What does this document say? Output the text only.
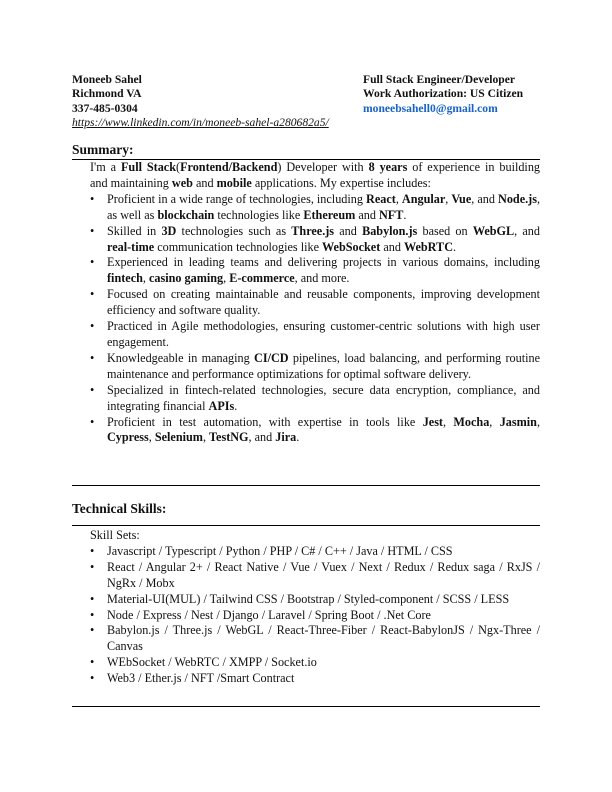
Moneeb Sahel
Richmond VA
337-485-0304
https://www.linkedin.com/in/moneeb-sahel-a280682a5/
Full Stack Engineer/Developer
Work Authorization: US Citizen
moneebsahell0@gmail.com
Summary:
I'm a Full Stack(Frontend/Backend) Developer with 8 years of experience in building and maintaining web and mobile applications. My expertise includes:
• Proficient in a wide range of technologies, including React, Angular, Vue, and Node.js, as well as blockchain technologies like Ethereum and NFT.
• Skilled in 3D technologies such as Three.js and Babylon.js based on WebGL, and real-time communication technologies like WebSocket and WebRTC.
• Experienced in leading teams and delivering projects in various domains, including fintech, casino gaming, E-commerce, and more.
• Focused on creating maintainable and reusable components, improving development efficiency and software quality.
• Practiced in Agile methodologies, ensuring customer-centric solutions with high user engagement.
• Knowledgeable in managing CI/CD pipelines, load balancing, and performing routine maintenance and performance optimizations for optimal software delivery.
• Specialized in fintech-related technologies, secure data encryption, compliance, and integrating financial APIs.
• Proficient in test automation, with expertise in tools like Jest, Mocha, Jasmin, Cypress, Selenium, TestNG, and Jira.
Technical Skills:
Skill Sets:
• Javascript / Typescript / Python / PHP / C# / C++ / Java / HTML / CSS
• React / Angular 2+ / React Native / Vue / Vuex / Next / Redux / Redux saga / RxJS / NgRx / Mobx
• Material-UI(MUL) / Tailwind CSS / Bootstrap / Styled-component / SCSS / LESS
• Node / Express / Nest / Django / Laravel / Spring Boot / .Net Core
• Babylon.js / Three.js / WebGL / React-Three-Fiber / React-BabylonJS / Ngx-Three / Canvas
• WEbSocket / WebRTC / XMPP / Socket.io
• Web3 / Ether.js / NFT /Smart Contract
